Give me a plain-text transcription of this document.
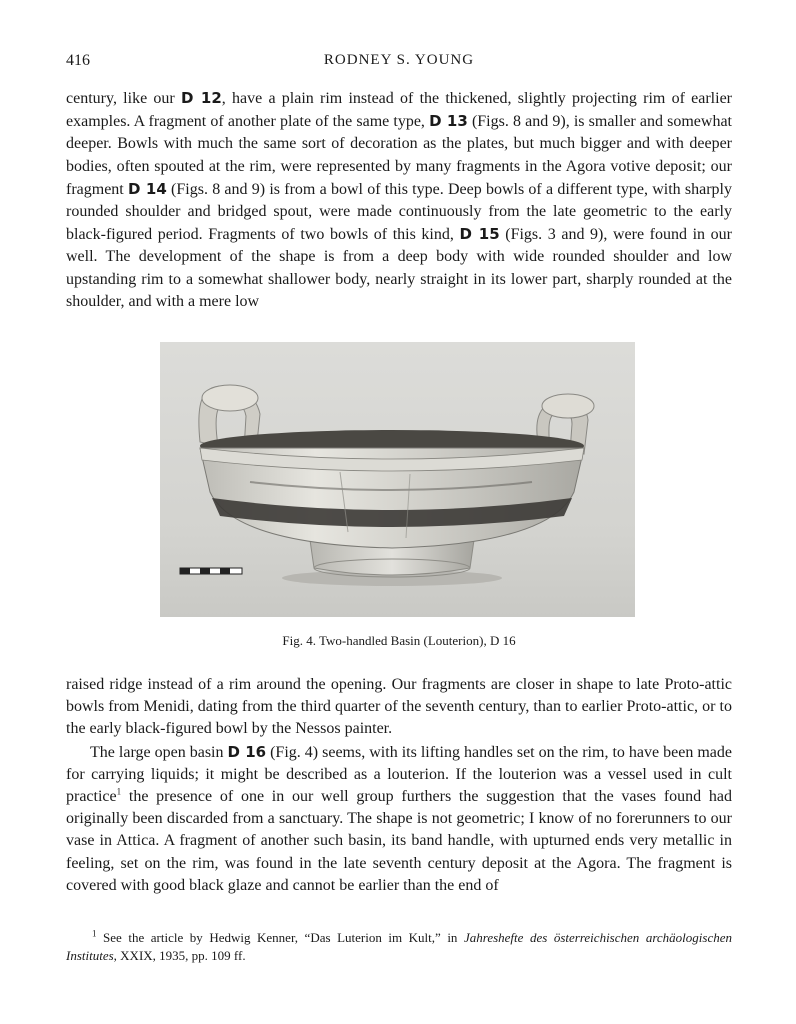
416	RODNEY S. YOUNG

century, like our D 12, have a plain rim instead of the thickened, slightly projecting rim of earlier examples. A fragment of another plate of the same type, D 13 (Figs. 8 and 9), is smaller and somewhat deeper. Bowls with much the same sort of decoration as the plates, but much bigger and with deeper bodies, often spouted at the rim, were represented by many fragments in the Agora votive deposit; our fragment D 14 (Figs. 8 and 9) is from a bowl of this type. Deep bowls of a different type, with sharply rounded shoulder and bridged spout, were made continuously from the late geometric to the early black-figured period. Fragments of two bowls of this kind, D 15 (Figs. 3 and 9), were found in our well. The development of the shape is from a deep body with wide rounded shoulder and low upstanding rim to a somewhat shallower body, nearly straight in its lower part, sharply rounded at the shoulder, and with a mere low

Fig. 4. Two-handled Basin (Louterion), D 16

raised ridge instead of a rim around the opening. Our fragments are closer in shape to late Proto-attic bowls from Menidi, dating from the third quarter of the seventh century, than to earlier Proto-attic, or to the early black-figured bowl by the Nessos painter.

The large open basin D 16 (Fig. 4) seems, with its lifting handles set on the rim, to have been made for carrying liquids; it might be described as a louterion. If the louterion was a vessel used in cult practice$^1$ the presence of one in our well group furthers the suggestion that the vases found had originally been discarded from a sanctuary. The shape is not geometric; I know of no forerunners to our vase in Attica. A fragment of another such basin, its band handle, with upturned ends very metallic in feeling, set on the rim, was found in the late seventh century deposit at the Agora. The fragment is covered with good black glaze and cannot be earlier than the end of

$^1$ See the article by Hedwig Kenner, “Das Luterion im Kult,” in Jahreshefte des österreichischen archäologischen Institutes, XXIX, 1935, pp. 109 ff.
